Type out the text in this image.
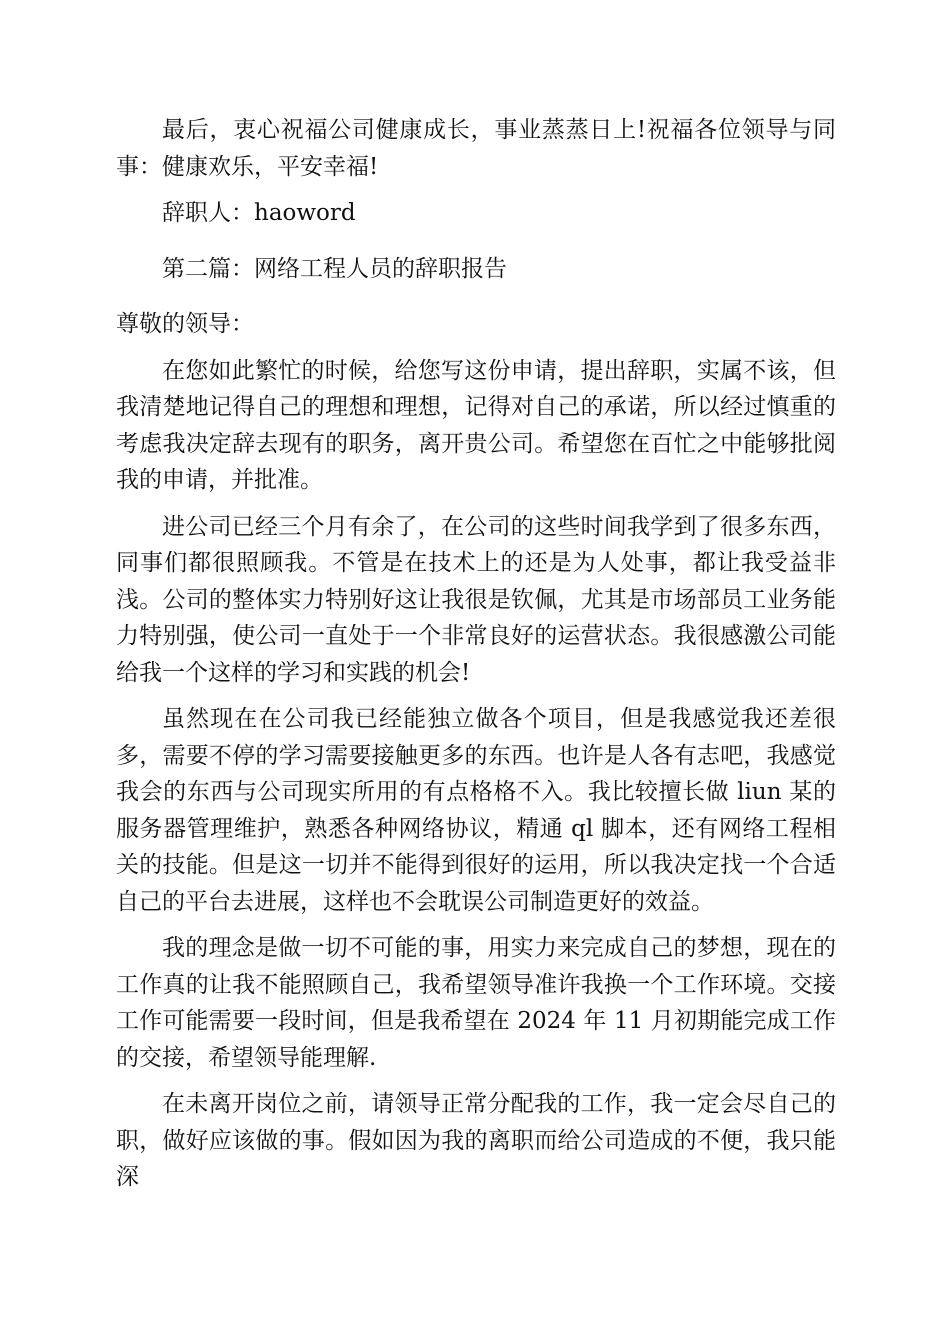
最后，衷心祝福公司健康成长，事业蒸蒸日上!祝福各位领导与同事：健康欢乐，平安幸福!

辞职人：haoword

第二篇：网络工程人员的辞职报告

尊敬的领导：

在您如此繁忙的时候，给您写这份申请，提出辞职，实属不该，但我清楚地记得自己的理想和理想，记得对自己的承诺，所以经过慎重的考虑我决定辞去现有的职务，离开贵公司。希望您在百忙之中能够批阅我的申请，并批准。

进公司已经三个月有余了，在公司的这些时间我学到了很多东西，同事们都很照顾我。不管是在技术上的还是为人处事，都让我受益非浅。公司的整体实力特别好这让我很是钦佩，尤其是市场部员工业务能力特别强，使公司一直处于一个非常良好的运营状态。我很感激公司能给我一个这样的学习和实践的机会!

虽然现在在公司我已经能独立做各个项目，但是我感觉我还差很多，需要不停的学习需要接触更多的东西。也许是人各有志吧，我感觉我会的东西与公司现实所用的有点格格不入。我比较擅长做 liun 某的服务器管理维护，熟悉各种网络协议，精通 ql 脚本，还有网络工程相关的技能。但是这一切并不能得到很好的运用，所以我决定找一个合适自己的平台去进展，这样也不会耽误公司制造更好的效益。

我的理念是做一切不可能的事，用实力来完成自己的梦想，现在的工作真的让我不能照顾自己，我希望领导准许我换一个工作环境。交接工作可能需要一段时间，但是我希望在 2024 年 11 月初期能完成工作的交接，希望领导能理解.

在未离开岗位之前，请领导正常分配我的工作，我一定会尽自己的职，做好应该做的事。假如因为我的离职而给公司造成的不便，我只能深
